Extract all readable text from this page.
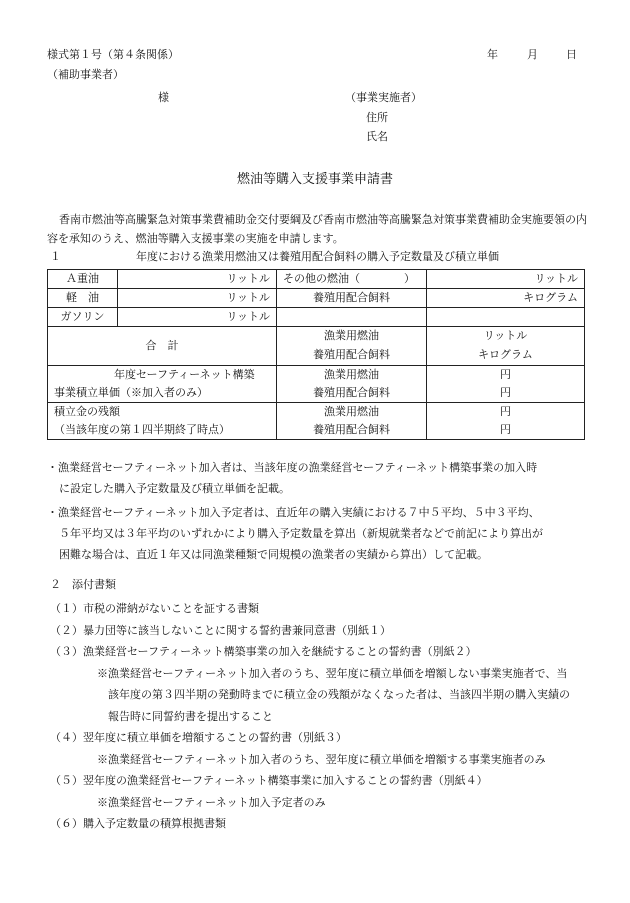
様式第１号（第４条関係）	年	月	日
（補助事業者）
様	（事業実施者）
住所
氏名
燃油等購入支援事業申請書
香南市燃油等高騰緊急対策事業費補助金交付要綱及び香南市燃油等高騰緊急対策事業費補助金実施要領の内容を承知のうえ、燃油等購入支援事業の実施を申請します。
１	年度における漁業用燃油又は養殖用配合飼料の購入予定数量及び積立単価
Ａ重油	リットル	その他の燃油（ ）	リットル
軽　油	リットル	養殖用配合飼料	キログラム
ガソリン	リットル		
合　計		漁業用燃油	リットル
		養殖用配合飼料	キログラム
年度セーフティーネット構築		漁業用燃油	円
事業積立単価（※加入者のみ）		養殖用配合飼料	円
積立金の残額		漁業用燃油	円
（当該年度の第１四半期終了時点）		養殖用配合飼料	円
・漁業経営セーフティーネット加入者は、当該年度の漁業経営セーフティーネット構築事業の加入時
に設定した購入予定数量及び積立単価を記載。
・漁業経営セーフティーネット加入予定者は、直近年の購入実績における７中５平均、５中３平均、
５年平均又は３年平均のいずれかにより購入予定数量を算出（新規就業者などで前記により算出が
困難な場合は、直近１年又は同漁業種類で同規模の漁業者の実績から算出）して記載。
２　添付書類
（１）市税の滞納がないことを証する書類
（２）暴力団等に該当しないことに関する誓約書兼同意書（別紙１）
（３）漁業経営セーフティーネット構築事業の加入を継続することの誓約書（別紙２）
※漁業経営セーフティーネット加入者のうち、翌年度に積立単価を増額しない事業実施者で、当
該年度の第３四半期の発動時までに積立金の残額がなくなった者は、当該四半期の購入実績の
報告時に同誓約書を提出すること
（４）翌年度に積立単価を増額することの誓約書（別紙３）
※漁業経営セーフティーネット加入者のうち、翌年度に積立単価を増額する事業実施者のみ
（５）翌年度の漁業経営セーフティーネット構築事業に加入することの誓約書（別紙４）
※漁業経営セーフティーネット加入予定者のみ
（６）購入予定数量の積算根拠書類
